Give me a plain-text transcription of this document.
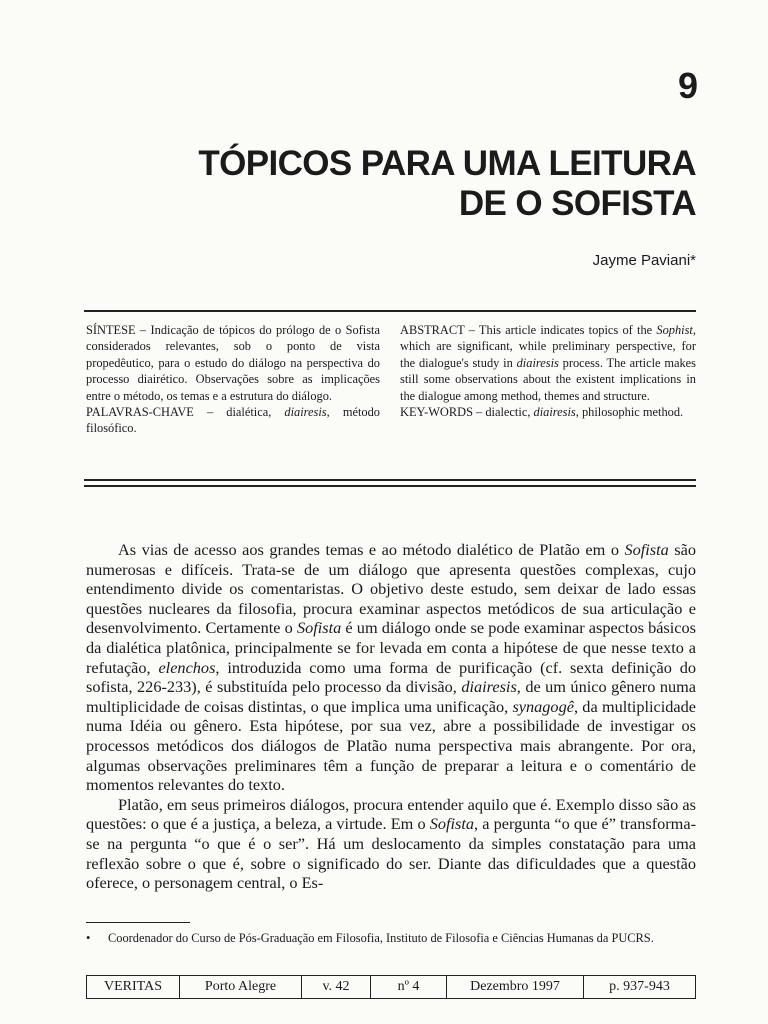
9
TÓPICOS PARA UMA LEITURA
DE O SOFISTA
Jayme Paviani*

SÍNTESE – Indicação de tópicos do prólogo de o Sofista considerados relevantes, sob o ponto de vista propedêutico, para o estudo do diálogo na perspectiva do processo diairético. Observações sobre as implicações entre o método, os temas e a estrutura do diálogo.

PALAVRAS-CHAVE – dialética, diairesis, método filosófico.

ABSTRACT – This article indicates topics of the Sophist, which are significant, while preliminary perspective, for the dialogue's study in diairesis process. The article makes still some observations about the existent implications in the dialogue among method, themes and structure.

KEY-WORDS – dialectic, diairesis, philosophic method.

As vias de acesso aos grandes temas e ao método dialético de Platão em o Sofista são numerosas e difíceis. Trata-se de um diálogo que apresenta questões complexas, cujo entendimento divide os comentaristas. O objetivo deste estudo, sem deixar de lado essas questões nucleares da filosofia, procura examinar aspectos metódicos de sua articulação e desenvolvimento. Certamente o Sofista é um diálogo onde se pode examinar aspectos básicos da dialética platônica, principalmente se for levada em conta a hipótese de que nesse texto a refutação, elenchos, introduzida como uma forma de purificação (cf. sexta definição do sofista, 226-233), é substituída pelo processo da divisão, diairesis, de um único gênero numa multiplicidade de coisas distintas, o que implica uma unificação, synagogê, da multiplicidade numa Idéia ou gênero. Esta hipótese, por sua vez, abre a possibilidade de investigar os processos metódicos dos diálogos de Platão numa perspectiva mais abrangente. Por ora, algumas observações preliminares têm a função de preparar a leitura e o comentário de momentos relevantes do texto.

Platão, em seus primeiros diálogos, procura entender aquilo que é. Exemplo disso são as questões: o que é a justiça, a beleza, a virtude. Em o Sofista, a pergunta “o que é” transforma-se na pergunta “o que é o ser”. Há um deslocamento da simples constatação para uma reflexão sobre o que é, sobre o significado do ser. Diante das dificuldades que a questão oferece, o personagem central, o Es-

• Coordenador do Curso de Pós-Graduação em Filosofia, Instituto de Filosofia e Ciências Humanas da PUCRS.
VERITAS	Porto Alegre	v. 42	nº 4	Dezembro 1997	p. 937-943
